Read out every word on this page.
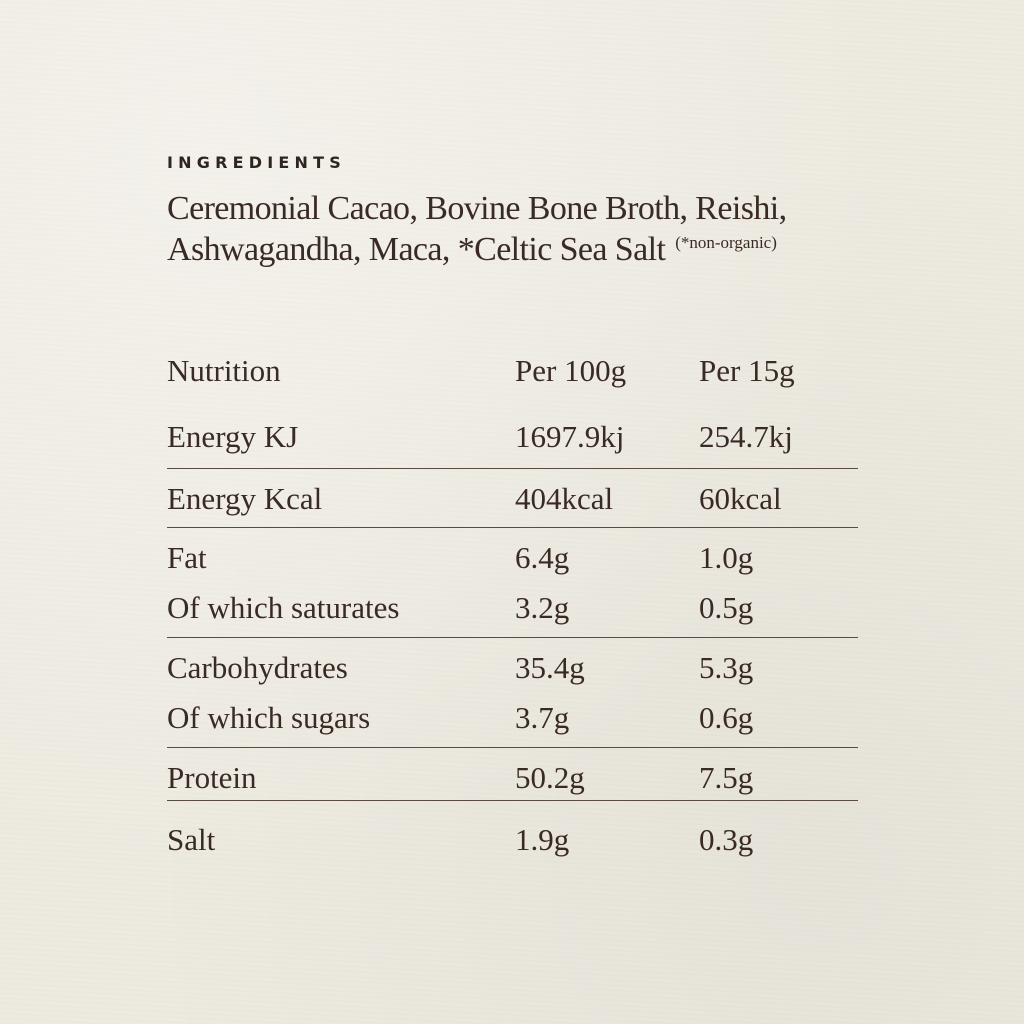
INGREDIENTS

Ceremonial Cacao, Bovine Bone Broth, Reishi, Ashwagandha, Maca, *Celtic Sea Salt $^{(*non-organic)}$

Nutrition	Per 100g Per 15g
Energy KJ	1697.9kj 254.7kj
Energy Kcal	404kcal	60kcal
Fat	6.4g	1.0g
Of which saturates	3.2g	0.5g
Carbohydrates	35.4g	5.3g
Of which sugars	3.7g	0.6g
Protein	50.2g	7.5g
Salt	1.9g	0.3g
